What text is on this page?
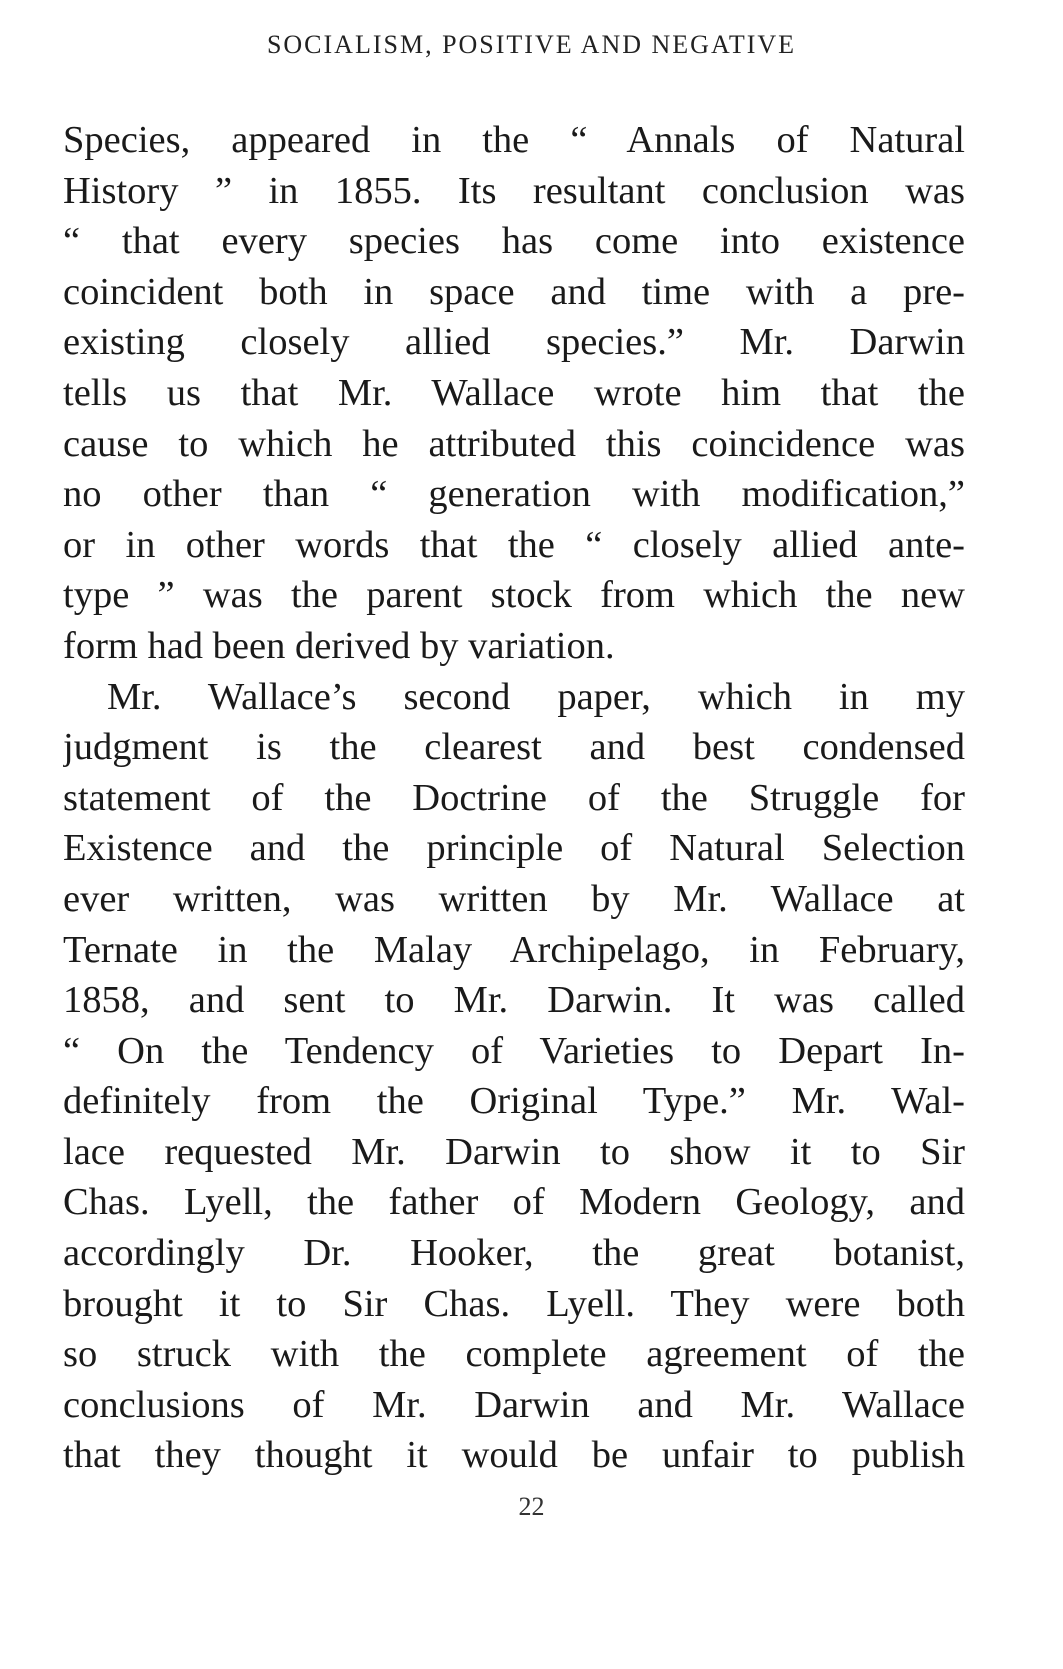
SOCIALISM, POSITIVE AND NEGATIVE
Species, appeared in the “ Annals of Natural
History ” in 1855. Its resultant conclusion was
“ that every species has come into existence
coincident both in space and time with a pre-
existing closely allied species.” Mr. Darwin
tells us that Mr. Wallace wrote him that the
cause to which he attributed this coincidence was
no other than “ generation with modification,”
or in other words that the “ closely allied ante-
type ” was the parent stock from which the new
form had been derived by variation.
Mr. Wallace’s second paper, which in my
judgment is the clearest and best condensed
statement of the Doctrine of the Struggle for
Existence and the principle of Natural Selection
ever written, was written by Mr. Wallace at
Ternate in the Malay Archipelago, in February,
1858, and sent to Mr. Darwin. It was called
“ On the Tendency of Varieties to Depart In-
definitely from the Original Type.” Mr. Wal-
lace requested Mr. Darwin to show it to Sir
Chas. Lyell, the father of Modern Geology, and
accordingly Dr. Hooker, the great botanist,
brought it to Sir Chas. Lyell. They were both
so struck with the complete agreement of the
conclusions of Mr. Darwin and Mr. Wallace
that they thought it would be unfair to publish
22
